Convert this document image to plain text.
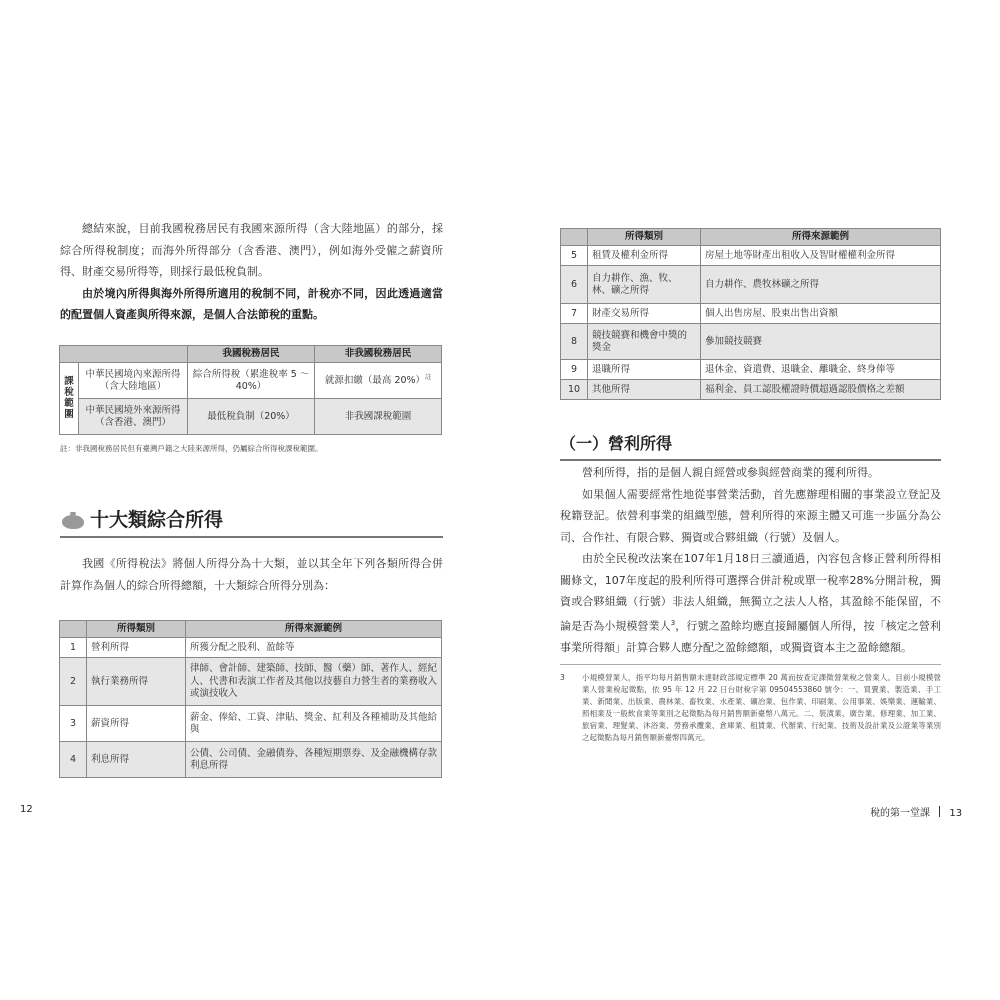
總結來說，目前我國稅務居民有我國來源所得（含大陸地區）的部分，採綜合所得稅制度；而海外所得部分（含香港、澳門），例如海外受僱之薪資所得、財產交易所得等，則採行最低稅負制。

由於境內所得與海外所得所適用的稅制不同，計稅亦不同，因此透過適當的配置個人資產與所得來源，是個人合法節稅的重點。

		我國稅務居民	非我國稅務居民
課稅範圍	中華民國境內來源所得（含大陸地區）	綜合所得稅（累進稅率 5 ～ 40%）	就源扣繳（最高 20%）$^註$
	中華民國境外來源所得（含香港、澳門）	最低稅負制（20%）	非我國課稅範圍
註：非我國稅務居民但有臺灣戶籍之大陸來源所得，仍屬綜合所得稅課稅範圍。
十大類綜合所得

我國《所得稅法》將個人所得分為十大類，並以其全年下列各類所得合併計算作為個人的綜合所得總額，十大類綜合所得分別為：

	所得類別	所得來源範例
1	營利所得	所獲分配之股利、盈餘等
2	執行業務所得	律師、會計師、建築師、技師、醫（藥）師、著作人、經紀人、代書和表演工作者及其他以技藝自力營生者的業務收入或演技收入
3	薪資所得	薪金、俸給、工資、津貼、獎金、紅利及各種補助及其他給與
4	利息所得	公債、公司債、金融債券、各種短期票券、及金融機構存款利息所得
12
	所得類別	所得來源範例
5	租賃及權利金所得	房屋土地等財產出租收入及智財權權利金所得
6	自力耕作、漁、牧、林、礦之所得	自力耕作、農牧林礦之所得
7	財產交易所得	個人出售房屋、股東出售出資額
8	競技競賽和機會中獎的獎金	參加競技競賽
9	退職所得	退休金、資遣費、退職金、離職金、終身俸等
10	其他所得	福利金、員工認股權證時價超過認股價格之差額
（一）營利所得

營利所得，指的是個人親自經營或參與經營商業的獲利所得。

如果個人需要經常性地從事營業活動，首先應辦理相關的事業設立登記及稅籍登記。依營利事業的組織型態，營利所得的來源主體又可進一步區分為公司、合作社、有限合夥、獨資或合夥組織（行號）及個人。

由於全民稅改法案在107年1月18日三讀通過，內容包含修正營利所得相關條文，107年度起的股利所得可選擇合併計稅或單一稅率28%分開計稅，獨資或合夥組織（行號）非法人組織，無獨立之法人人格，其盈餘不能保留，不論是否為小規模營業人$^3$，行號之盈餘均應直接歸屬個人所得，按「核定之營利事業所得額」計算合夥人應分配之盈餘總額，或獨資資本主之盈餘總額。

3 小規模營業人，指平均每月銷售額未達財政部規定標準 20 萬而按查定課徵營業稅之營業人。目前小規模營業人營業稅起徵點，依 95 年 12 月 22 日台財稅字第 09504553860 號令：一、買賣業、製造業、手工業、新聞業、出版業、農林業、畜牧業、水產業、礦冶業、包作業、印刷業、公用事業、娛樂業、運輸業、照相業及一般飲食業等業別之起徵點為每月銷售額新臺幣八萬元。二、裝潢業、廣告業、修理業、加工業、旅宿業、理髮業、沐浴業、勞務承攬業、倉庫業、租賃業、代辦業、行紀業、技術及設計業及公證業等業別之起徵點為每月銷售額新臺幣四萬元。
稅的第一堂課 13
